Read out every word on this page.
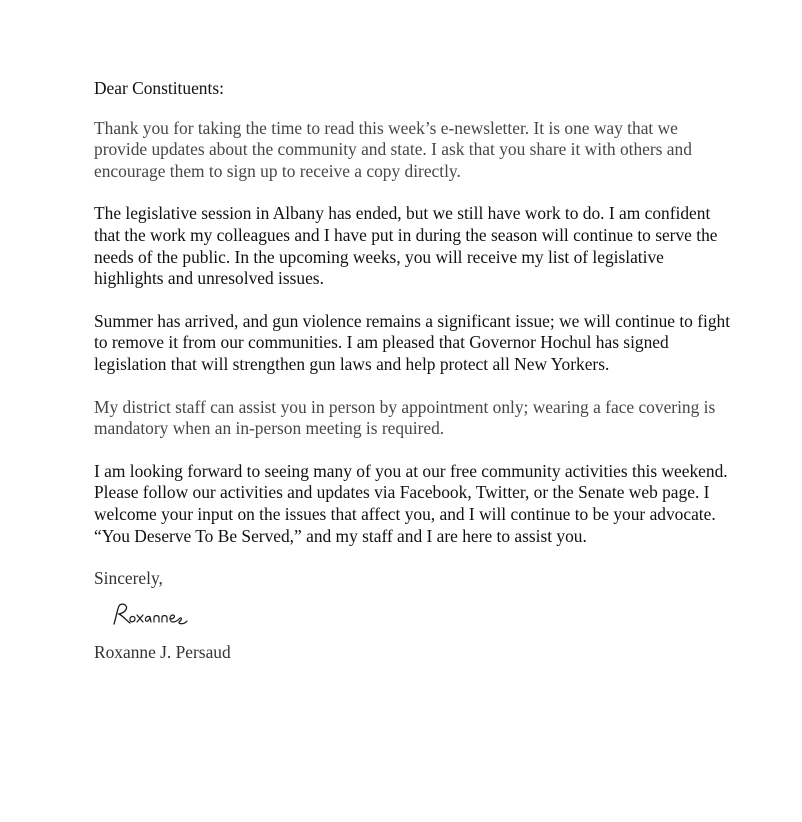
Dear Constituents:

Thank you for taking the time to read this week’s e-newsletter. It is one way that we provide updates about the community and state. I ask that you share it with others and encourage them to sign up to receive a copy directly.

The legislative session in Albany has ended, but we still have work to do. I am confident that the work my colleagues and I have put in during the season will continue to serve the needs of the public. In the upcoming weeks, you will receive my list of legislative highlights and unresolved issues.

Summer has arrived, and gun violence remains a significant issue; we will continue to fight to remove it from our communities. I am pleased that Governor Hochul has signed legislation that will strengthen gun laws and help protect all New Yorkers.

My district staff can assist you in person by appointment only; wearing a face covering is mandatory when an in-person meeting is required.

I am looking forward to seeing many of you at our free community activities this weekend. Please follow our activities and updates via Facebook, Twitter, or the Senate web page. I welcome your input on the issues that affect you, and I will continue to be your advocate. “You Deserve To Be Served,” and my staff and I are here to assist you.

Sincerely,

Roxanne J. Persaud
